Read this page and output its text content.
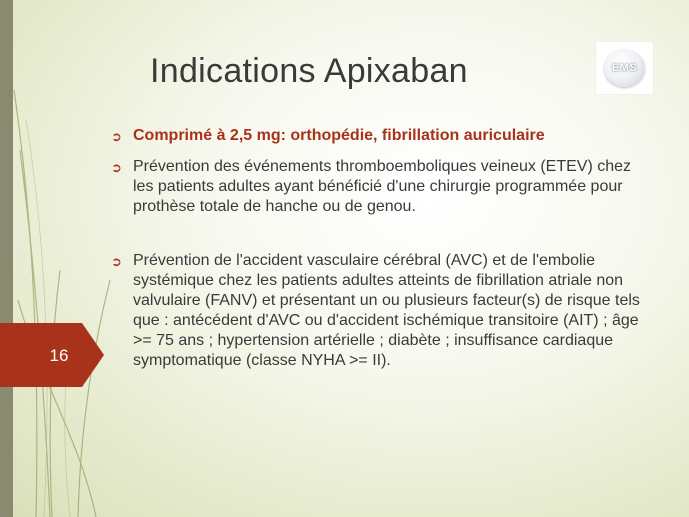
Indications Apixaban	EMS
➲ Comprimé à 2,5 mg: orthopédie, fibrillation auriculaire
➲ Prévention des événements thromboemboliques veineux (ETEV) chez les patients adultes ayant bénéficié d'une chirurgie programmée pour prothèse totale de hanche ou de genou.
➲ Prévention de l'accident vasculaire cérébral (AVC) et de l'embolie systémique chez les patients adultes atteints de fibrillation atriale non valvulaire (FANV) et présentant un ou plusieurs facteur(s) de risque tels que : antécédent d'AVC ou d'accident ischémique transitoire (AIT) ; âge >= 75 ans ; hypertension artérielle ; diabète ; insuffisance cardiaque symptomatique (classe NYHA >= II).
16
